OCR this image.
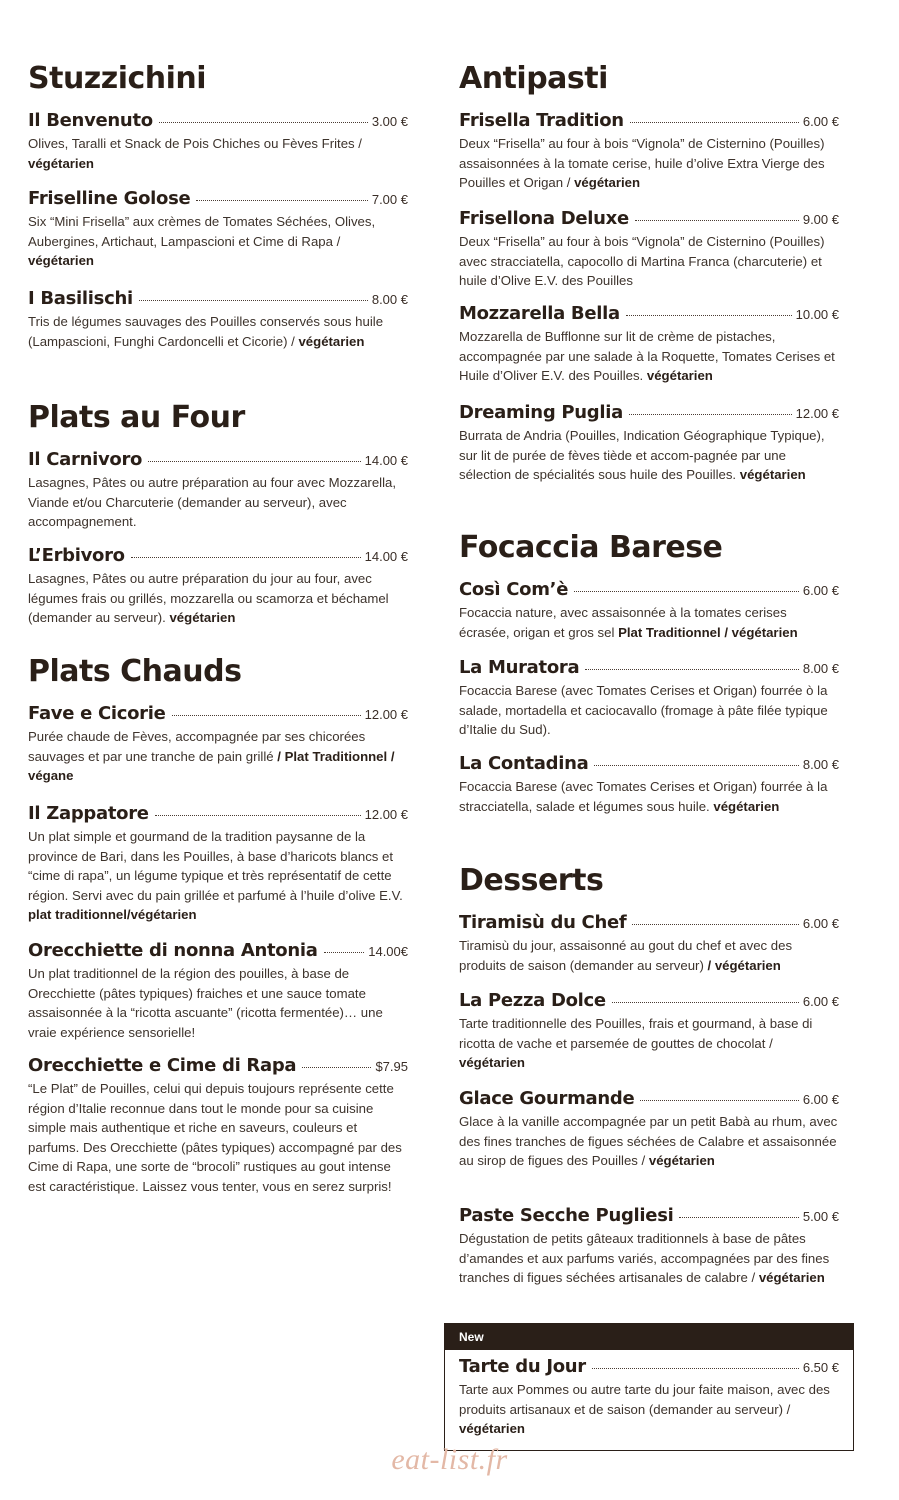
Stuzzichini
Il Benvenuto	3.00 €

Olives, Taralli et Snack de Pois Chiches ou Fèves Frites / végétarien

Friselline Golose	7.00 €

Six “Mini Frisella” aux crèmes de Tomates Séchées, Olives, Aubergines, Artichaut, Lampascioni et Cime di Rapa / végétarien

I Basilischi	8.00 €

Tris de légumes sauvages des Pouilles conservés sous huile (Lampascioni, Funghi Cardoncelli et Cicorie) / végétarien

Plats au Four
Il Carnivoro	14.00 €

Lasagnes, Pâtes ou autre préparation au four avec Mozzarella, Viande et/ou Charcuterie (demander au serveur), avec accompagnement.

L’Erbivoro	14.00 €

Lasagnes, Pâtes ou autre préparation du jour au four, avec légumes frais ou grillés, mozzarella ou scamorza et béchamel (demander au serveur). végétarien

Plats Chauds
Fave e Cicorie	12.00 €

Purée chaude de Fèves, accompagnée par ses chicorées sauvages et par une tranche de pain grillé / Plat Traditionnel / végane

Il Zappatore	12.00 €

Un plat simple et gourmand de la tradition paysanne de la province de Bari, dans les Pouilles, à base d’haricots blancs et “cime di rapa”, un légume typique et très représentatif de cette région. Servi avec du pain grillée et parfumé à l’huile d’olive E.V. plat traditionnel/végétarien

Orecchiette di nonna Antonia	14.00€

Un plat traditionnel de la région des pouilles, à base de Orecchiette (pâtes typiques) fraiches et une sauce tomate assaisonnée à la “ricotta ascuante” (ricotta fermentée)… une vraie expérience sensorielle!

Orecchiette e Cime di Rapa	$7.95

“Le Plat” de Pouilles, celui qui depuis toujours représente cette région d’Italie reconnue dans tout le monde pour sa cuisine simple mais authentique et riche en saveurs, couleurs et parfums. Des Orecchiette (pâtes typiques) accompagné par des Cime di Rapa, une sorte de “brocoli” rustiques au gout intense est caractéristique. Laissez vous tenter, vous en serez surpris!

Antipasti
Frisella Tradition	6.00 €

Deux “Frisella” au four à bois “Vignola” de Cisternino (Pouilles) assaisonnées à la tomate cerise, huile d’olive Extra Vierge des Pouilles et Origan / végétarien

Frisellona Deluxe	9.00 €

Deux “Frisella” au four à bois “Vignola” de Cisternino (Pouilles) avec stracciatella, capocollo di Martina Franca (charcuterie) et huile d’Olive E.V. des Pouilles

Mozzarella Bella	10.00 €

Mozzarella de Bufflonne sur lit de crème de pistaches, accompagnée par une salade à la Roquette, Tomates Cerises et Huile d’Oliver E.V. des Pouilles. végétarien

Dreaming Puglia	12.00 €

Burrata de Andria (Pouilles, Indication Géographique Typique), sur lit de purée de fèves tiède et accom-pagnée par une sélection de spécialités sous huile des Pouilles. végétarien

Focaccia Barese
Così Com’è	6.00 €

Focaccia nature, avec assaisonnée à la tomates cerises écrasée, origan et gros sel Plat Traditionnel / végétarien

La Muratora	8.00 €

Focaccia Barese (avec Tomates Cerises et Origan) fourrée ò la salade, mortadella et caciocavallo (fromage à pâte filée typique d’Italie du Sud).

La Contadina	8.00 €

Focaccia Barese (avec Tomates Cerises et Origan) fourrée à la stracciatella, salade et légumes sous huile. végétarien

Desserts
Tiramisù du Chef	6.00 €

Tiramisù du jour, assaisonné au gout du chef et avec des produits de saison (demander au serveur) / végétarien

La Pezza Dolce	6.00 €

Tarte traditionnelle des Pouilles, frais et gourmand, à base di ricotta de vache et parsemée de gouttes de chocolat / végétarien

Glace Gourmande	6.00 €

Glace à la vanille accompagnée par un petit Babà au rhum, avec des fines tranches de figues séchées de Calabre et assaisonnée au sirop de figues des Pouilles / végétarien

Paste Secche Pugliesi	5.00 €

Dégustation de petits gâteaux traditionnels à base de pâtes d’amandes et aux parfums variés, accompagnées par des fines tranches di figues séchées artisanales de calabre / végétarien

New
Tarte du Jour	6.50 €

Tarte aux Pommes ou autre tarte du jour faite maison, avec des produits artisanaux et de saison (demander au serveur) / végétarien

eat-list.fr
